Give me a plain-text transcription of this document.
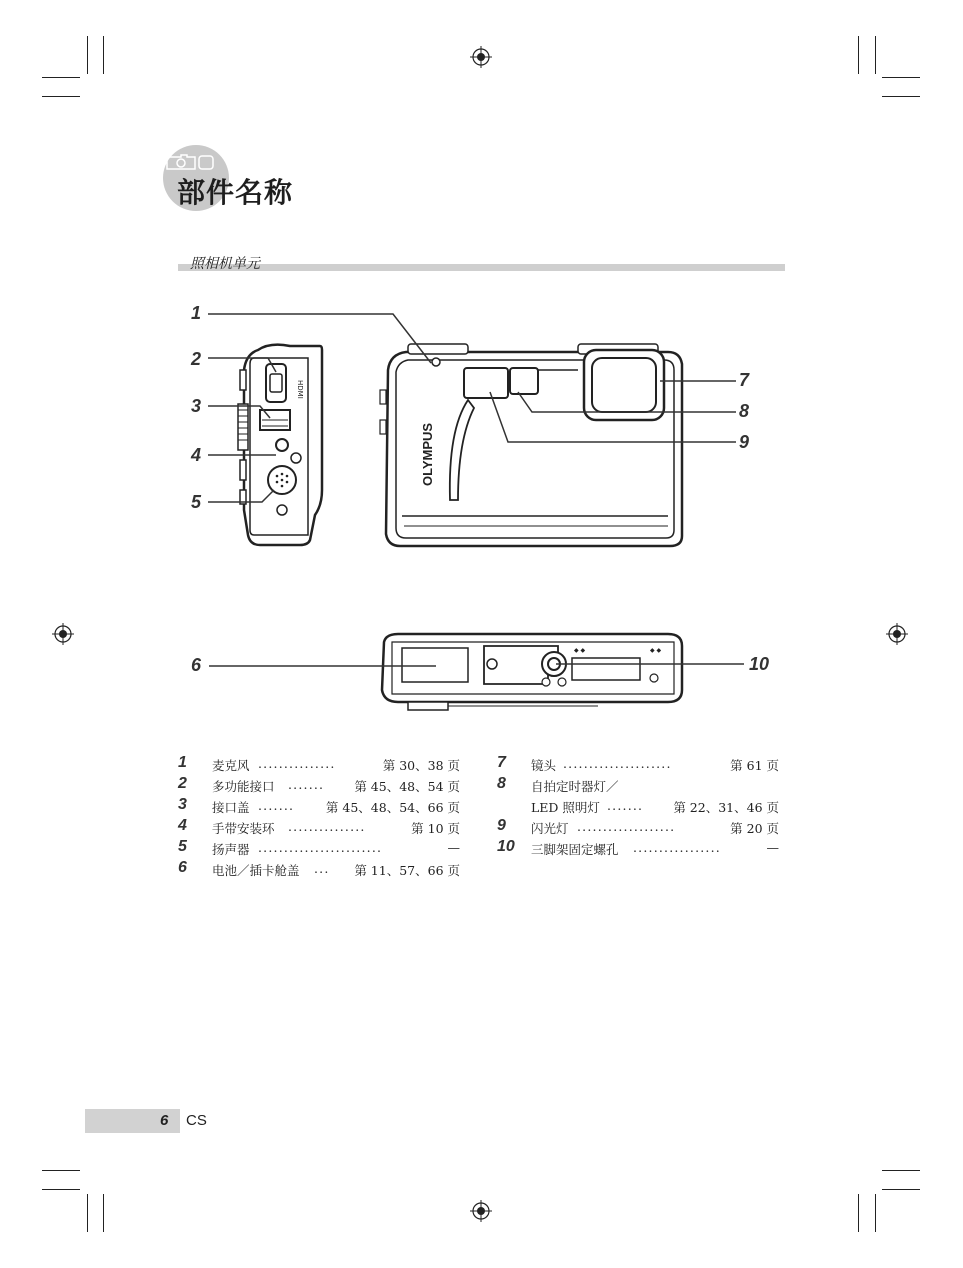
部件名称
照相机单元
HDMI
OLYMPUS
◆ ◆	◆ ◆
1
2
3
4
5
6
7
8
9
10
1 麦克风 ...............	第 30、38 页
2 多功能接口 .......	第 45、48、54 页
3 接口盖 .......	第 45、48、54、66 页
4 手带安装环 ...............	第 10 页
5 扬声器 ........................	—
6 电池／插卡舱盖 ...	第 11、57、66 页
7 镜头 .....................	第 61 页
8 自拍定时器灯／
LED 照明灯 .......	第 22、31、46 页
9 闪光灯 ...................	第 20 页
10 三脚架固定螺孔 .................	—
6 CS
